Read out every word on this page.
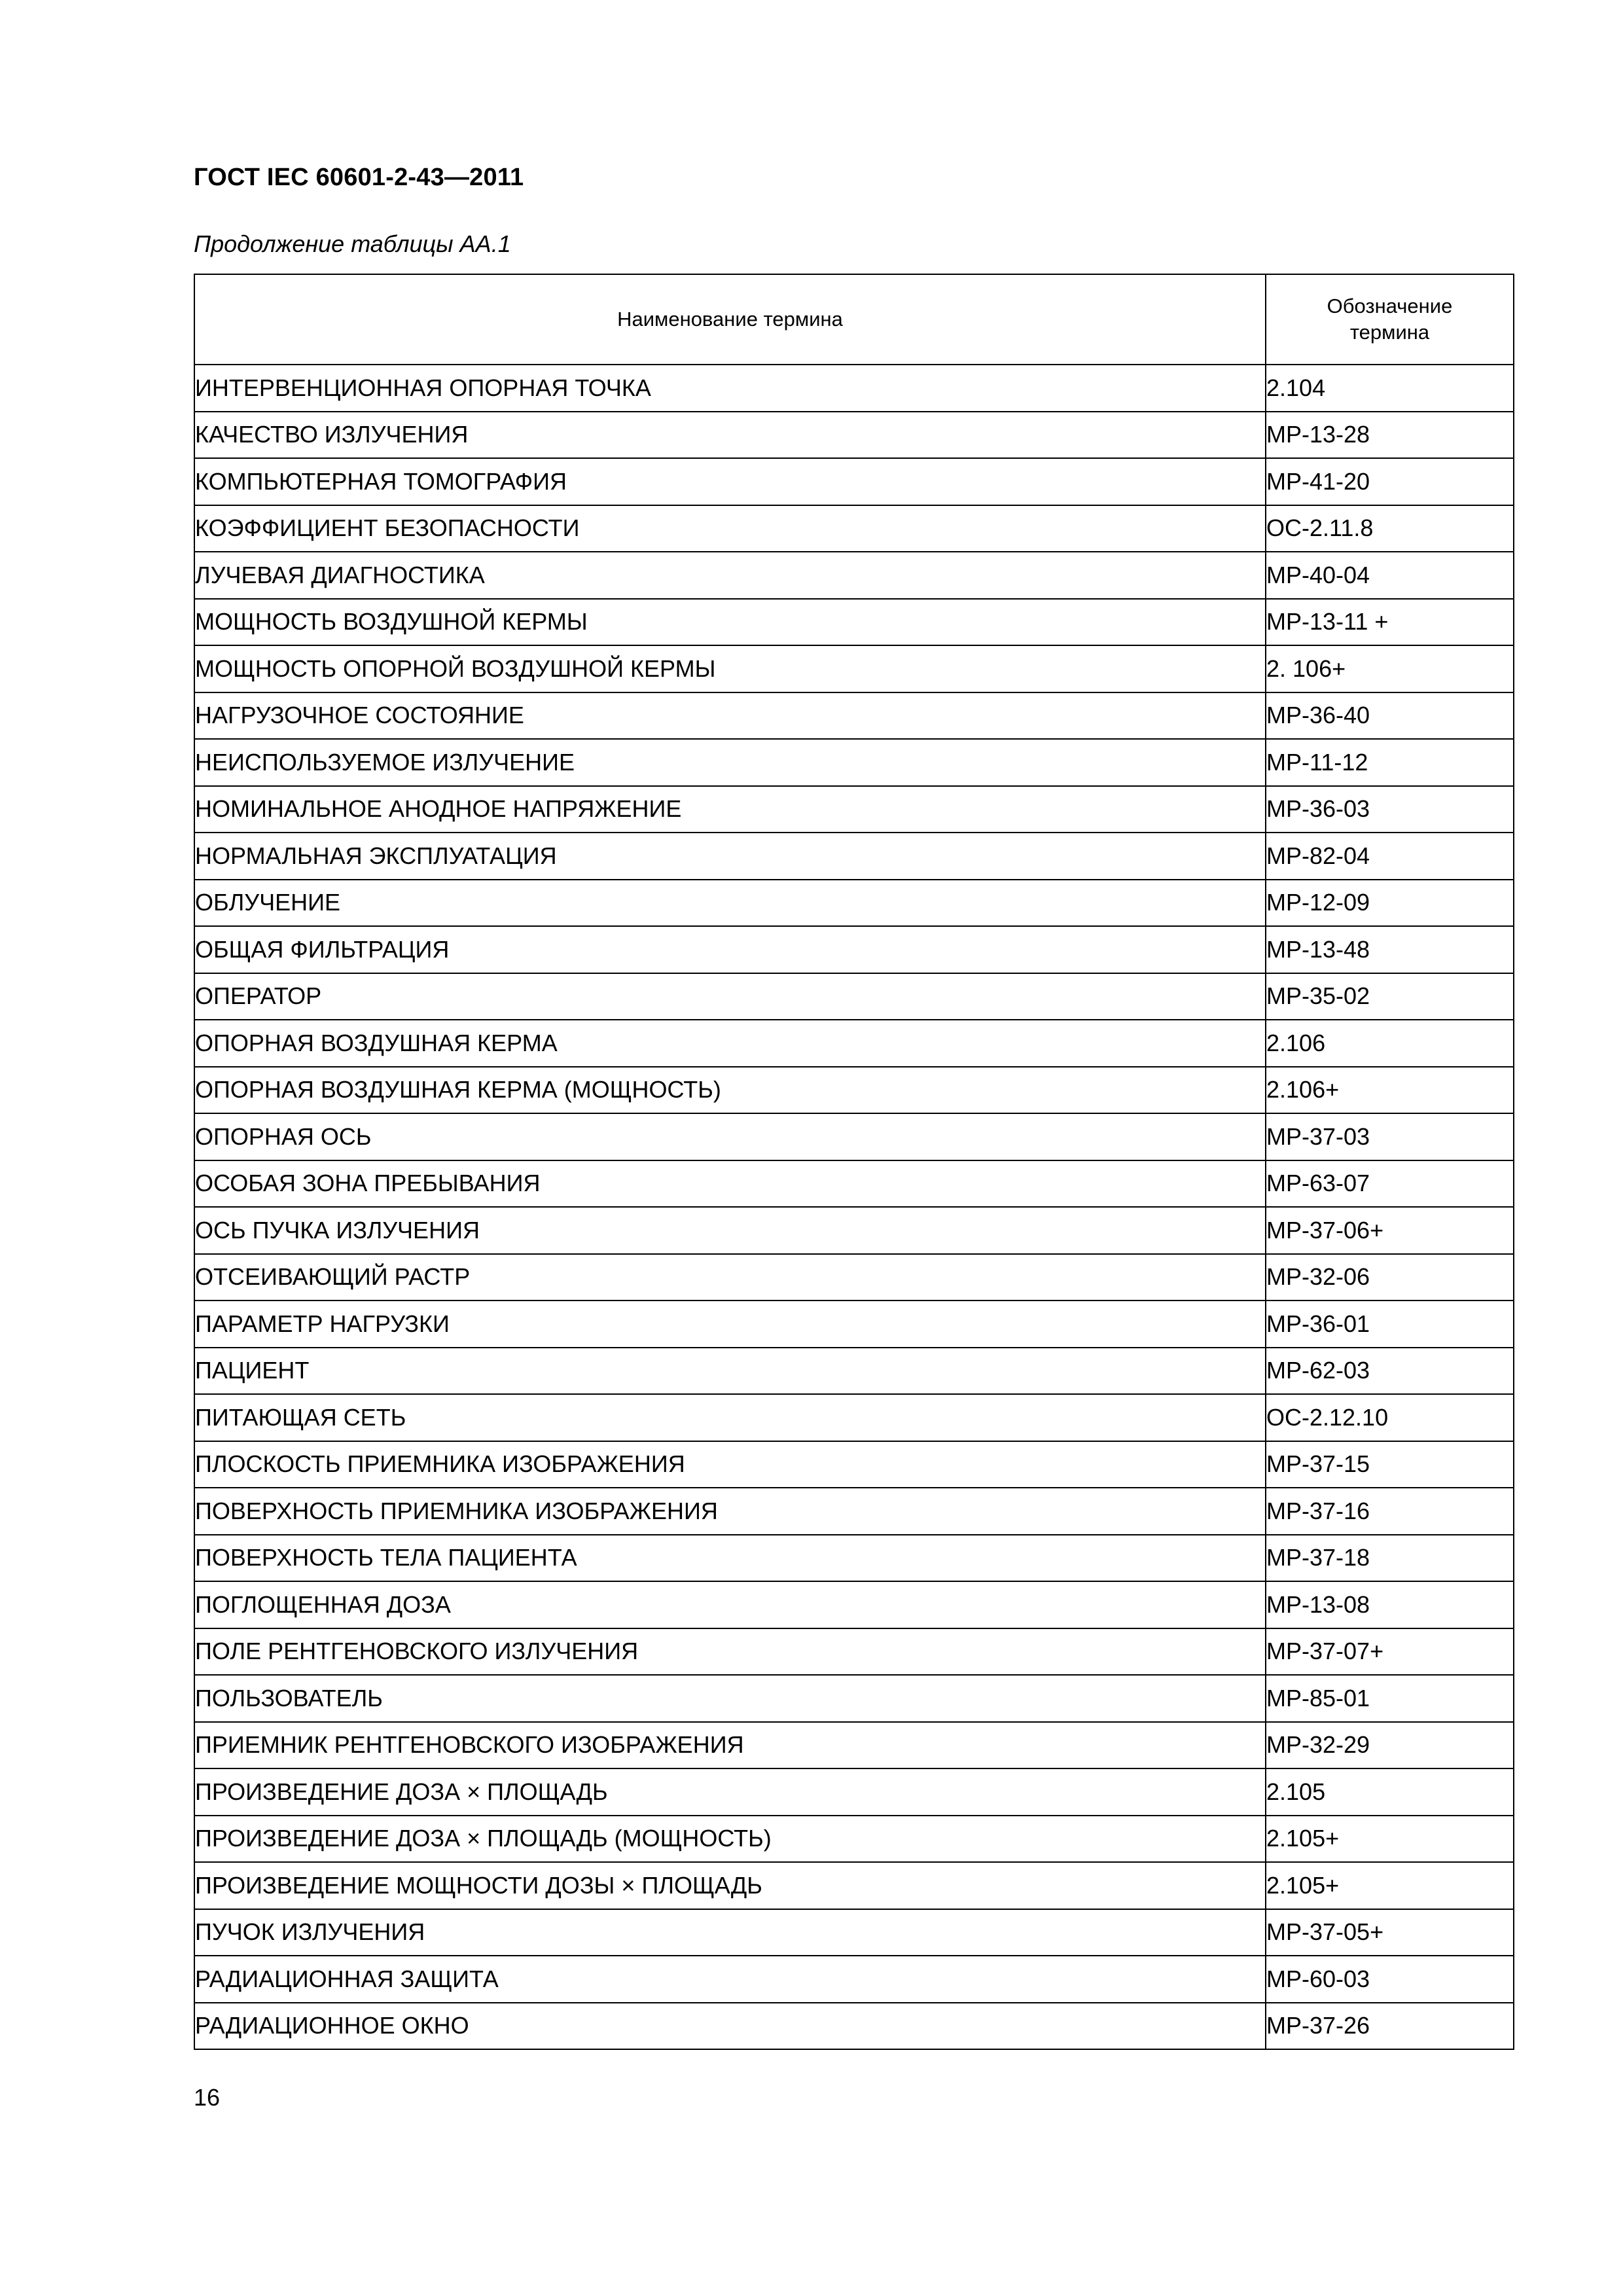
ГОСТ IEC 60601-2-43—2011
Продолжение таблицы АА.1
Наименование термина	Обозначение
термина

ИНТЕРВЕНЦИОННАЯ ОПОРНАЯ ТОЧКА	2.104
КАЧЕСТВО ИЗЛУЧЕНИЯ	МР-13-28
КОМПЬЮТЕРНАЯ ТОМОГРАФИЯ	МР-41-20
КОЭФФИЦИЕНТ БЕЗОПАСНОСТИ	ОС-2.11.8
ЛУЧЕВАЯ ДИАГНОСТИКА	МР-40-04
МОЩНОСТЬ ВОЗДУШНОЙ КЕРМЫ	МР-13-11 +
МОЩНОСТЬ ОПОРНОЙ ВОЗДУШНОЙ КЕРМЫ	2. 106+
НАГРУЗОЧНОЕ СОСТОЯНИЕ	МР-36-40
НЕИСПОЛЬЗУЕМОЕ ИЗЛУЧЕНИЕ	МР-11-12
НОМИНАЛЬНОЕ АНОДНОЕ НАПРЯЖЕНИЕ	МР-36-03
НОРМАЛЬНАЯ ЭКСПЛУАТАЦИЯ	МР-82-04
ОБЛУЧЕНИЕ	МР-12-09
ОБЩАЯ ФИЛЬТРАЦИЯ	МР-13-48
ОПЕРАТОР	МР-35-02
ОПОРНАЯ ВОЗДУШНАЯ КЕРМА	2.106
ОПОРНАЯ ВОЗДУШНАЯ КЕРМА (МОЩНОСТЬ)	2.106+
ОПОРНАЯ ОСЬ	МР-37-03
ОСОБАЯ ЗОНА ПРЕБЫВАНИЯ	МР-63-07
ОСЬ ПУЧКА ИЗЛУЧЕНИЯ	МР-37-06+
ОТСЕИВАЮЩИЙ РАСТР	МР-32-06
ПАРАМЕТР НАГРУЗКИ	МР-36-01
ПАЦИЕНТ	МР-62-03
ПИТАЮЩАЯ СЕТЬ	ОС-2.12.10
ПЛОСКОСТЬ ПРИЕМНИКА ИЗОБРАЖЕНИЯ	МР-37-15
ПОВЕРХНОСТЬ ПРИЕМНИКА ИЗОБРАЖЕНИЯ	МР-37-16
ПОВЕРХНОСТЬ ТЕЛА ПАЦИЕНТА	МР-37-18
ПОГЛОЩЕННАЯ ДОЗА	МР-13-08
ПОЛЕ РЕНТГЕНОВСКОГО ИЗЛУЧЕНИЯ	МР-37-07+
ПОЛЬЗОВАТЕЛЬ	МР-85-01
ПРИЕМНИК РЕНТГЕНОВСКОГО ИЗОБРАЖЕНИЯ	МР-32-29
ПРОИЗВЕДЕНИЕ ДОЗА × ПЛОЩАДЬ	2.105
ПРОИЗВЕДЕНИЕ ДОЗА × ПЛОЩАДЬ (МОЩНОСТЬ)	2.105+
ПРОИЗВЕДЕНИЕ МОЩНОСТИ ДОЗЫ × ПЛОЩАДЬ	2.105+
ПУЧОК ИЗЛУЧЕНИЯ	МР-37-05+
РАДИАЦИОННАЯ ЗАЩИТА	МР-60-03
РАДИАЦИОННОЕ ОКНО	МР-37-26
16
